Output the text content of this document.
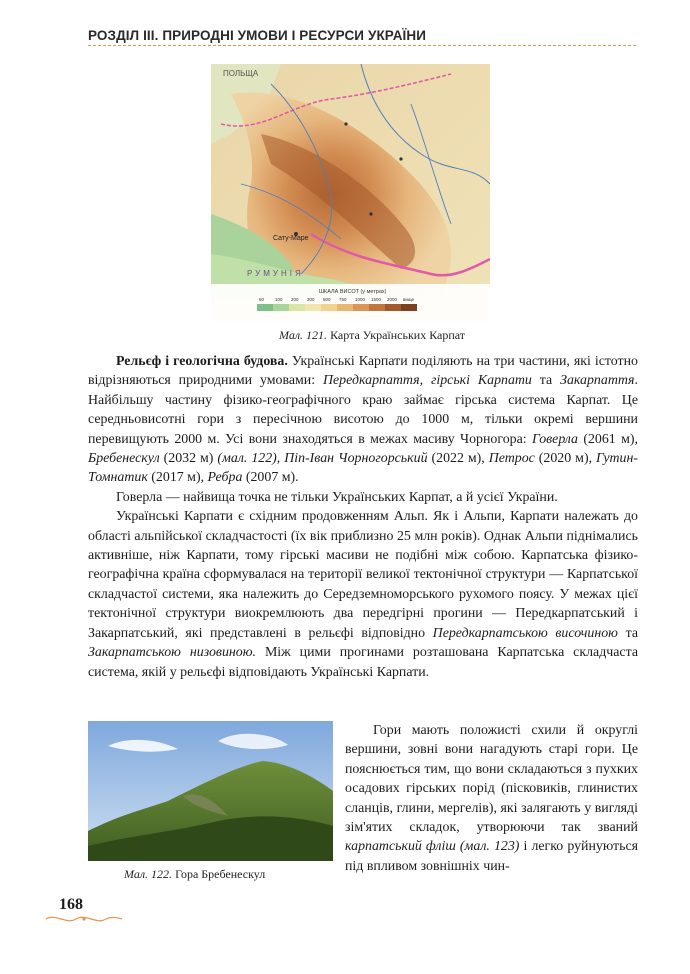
РОЗДІЛ III. ПРИРОДНІ УМОВИ І РЕСУРСИ УКРАЇНИ
ПОЛЬЩА
Сату-Маре
РУМУНІЯ
ШКАЛА ВИСОТ (у метрах)
50 100 200 300 500 750 1000 1500 2000 вище
Мал. 121. Карта Українських Карпат

Рельєф і геологічна будова. Українські Карпати поділяють на три частини, які істотно відрізняються природними умовами: Передкарпаття, гірські Карпати та Закарпаття. Найбільшу частину фізико-географічного краю займає гірська система Карпат. Це середньовисотні гори з пересічною висотою до 1000 м, тільки окремі вершини перевищують 2000 м. Усі вони знаходяться в межах масиву Чорногора: Говерла (2061 м), Бребенескул (2032 м) (мал. 122), Піп-Іван Чорногорський (2022 м), Петрос (2020 м), Гутин-Томнатик (2017 м), Ребра (2007 м).

Говерла — найвища точка не тільки Українських Карпат, а й усієї України.

Українські Карпати є східним продовженням Альп. Як і Альпи, Карпати належать до області альпійської складчастості (їх вік приблизно 25 млн років). Однак Альпи піднімались активніше, ніж Карпати, тому гірські масиви не подібні між собою. Карпатська фізико-географічна країна сформувалася на території великої тектонічної структури — Карпатської складчастої системи, яка належить до Середземноморського рухомого поясу. У межах цієї тектонічної структури виокремлюють два передгірні прогини — Передкарпатський і Закарпатський, які представлені в рельєфі відповідно Передкарпатською височиною та Закарпатською низовиною. Між цими прогинами розташована Карпатська складчаста система, якій у рельєфі відповідають Українські Карпати.

Гори мають положисті схили й округлі вершини, зовні вони нагадують старі гори. Це пояснюється тим, що вони складаються з пухких осадових гірських порід (пісковиків, глинистих сланців, глини, мергелів), які залягають у вигляді зім'ятих складок, утворюючи так званий карпатський фліш (мал. 123) і легко руйнуються під впливом зовнішніх чин-

Мал. 122. Гора Бребенескул
168
